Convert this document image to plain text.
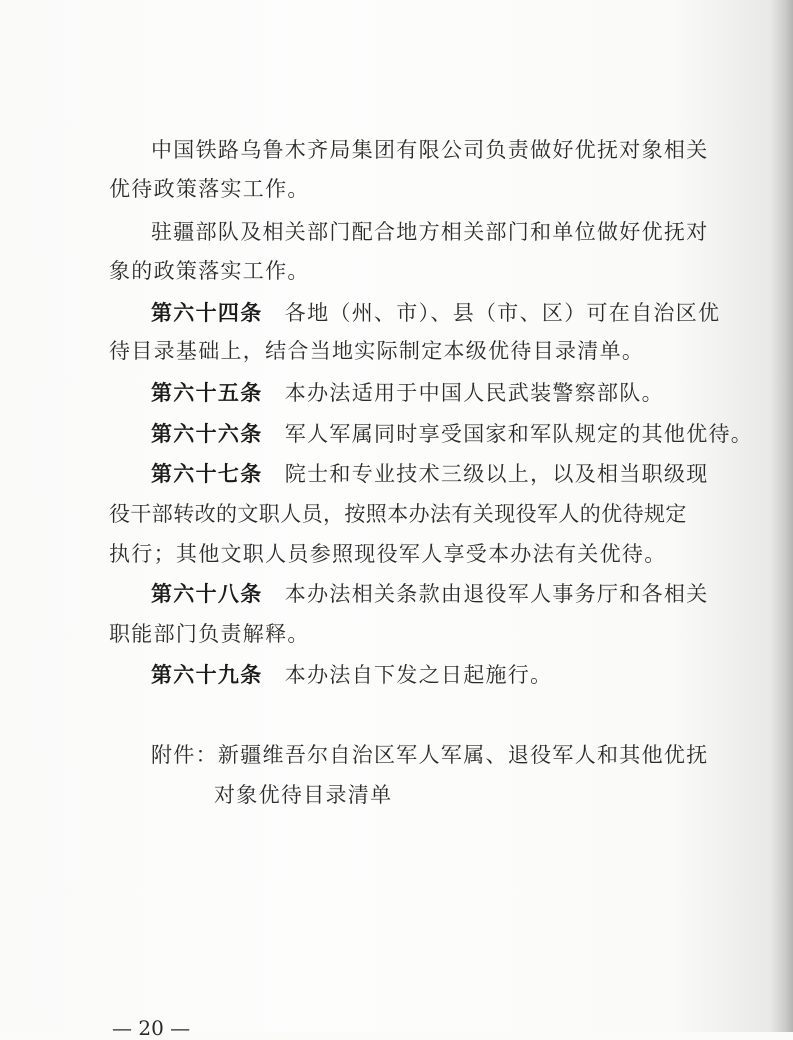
中国铁路乌鲁木齐局集团有限公司负责做好优抚对象相关

优待政策落实工作。

驻疆部队及相关部门配合地方相关部门和单位做好优抚对

象的政策落实工作。

第六十四条　各地（州、市）、县（市、区）可在自治区优

待目录基础上，结合当地实际制定本级优待目录清单。

第六十五条　本办法适用于中国人民武装警察部队。

第六十六条　军人军属同时享受国家和军队规定的其他优待。

第六十七条　院士和专业技术三级以上，以及相当职级现

役干部转改的文职人员，按照本办法有关现役军人的优待规定

执行；其他文职人员参照现役军人享受本办法有关优待。

第六十八条　本办法相关条款由退役军人事务厅和各相关

职能部门负责解释。

第六十九条　本办法自下发之日起施行。

附件：新疆维吾尔自治区军人军属、退役军人和其他优抚

对象优待目录清单

— 20 —
